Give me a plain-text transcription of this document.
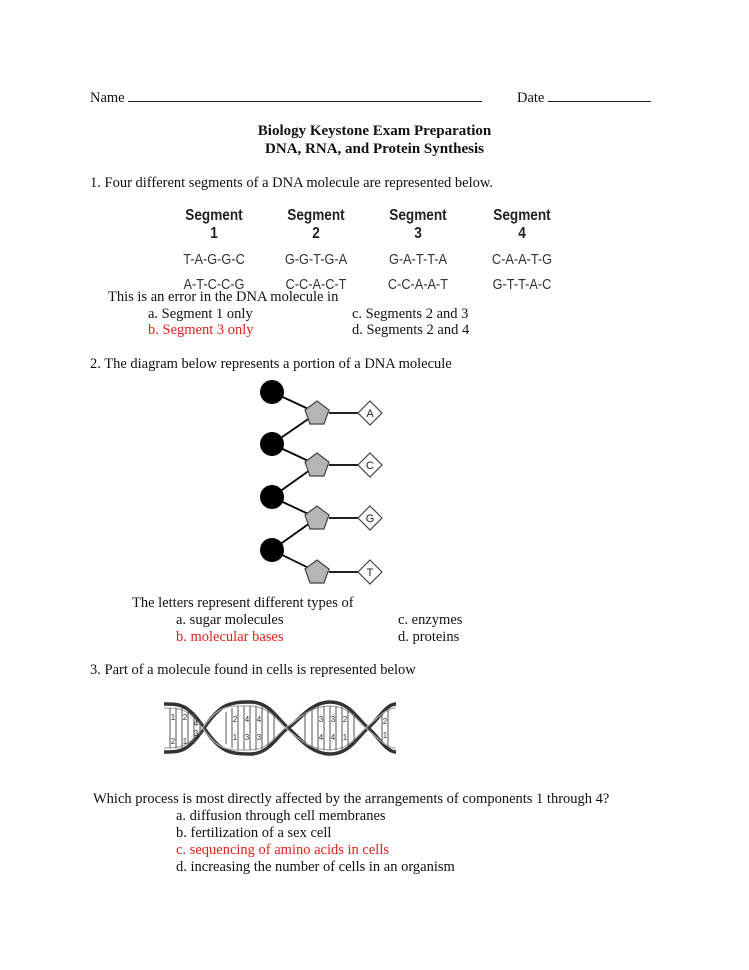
Name	Date
Biology Keystone Exam Preparation
DNA, RNA, and Protein Synthesis
1. Four different segments of a DNA molecule are represented below.
Segment 1
T-A-G-G-C
A-T-C-C-G
Segment 2
G-G-T-G-A
C-C-A-C-T
Segment 3
G-A-T-T-A
C-C-A-A-T
Segment 4
C-A-A-T-G
G-T-T-A-C
This is an error in the DNA molecule in
a. Segment 1 only
b. Segment 3 only
c. Segments 2 and 3
d. Segments 2 and 4
2. The diagram below represents a portion of a DNA molecule
A
C
G
T
The letters represent different types of
a. sugar molecules
b. molecular bases
c. enzymes
d. proteins
3. Part of a molecule found in cells is represented below
1 2
2 1
4
3
2 4 4
1 3 3
3 3 2
4 4 1
2
1
Which process is most directly affected by the arrangements of components 1 through 4?
a. diffusion through cell membranes
b. fertilization of a sex cell
c. sequencing of amino acids in cells
d. increasing the number of cells in an organism
